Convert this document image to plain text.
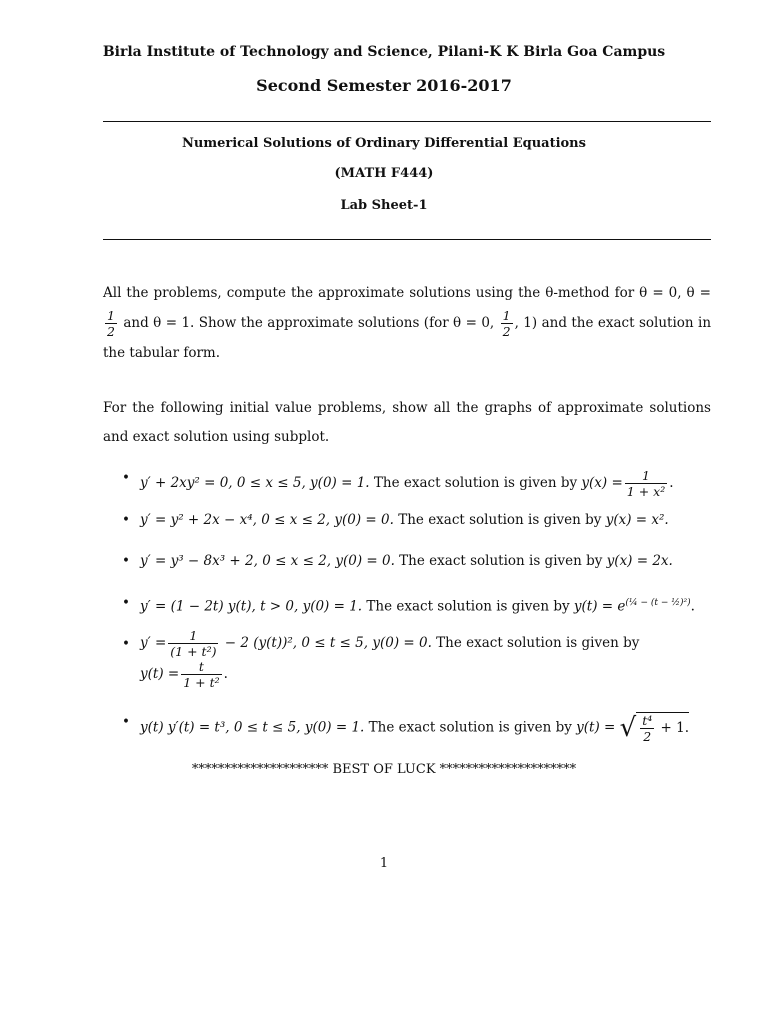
Birla Institute of Technology and Science, Pilani-K K Birla Goa Campus
Second Semester 2016-2017
Numerical Solutions of Ordinary Differential Equations
(MATH F444)
Lab Sheet-1
All the problems, compute the approximate solutions using the θ-method for θ = 0, θ =
$\frac{1}{2}$ and θ = 1. Show the approximate solutions (for θ = 0, $\frac{1}{2}$ , 1) and the exact solution in the tabular form.
For the following initial value problems, show all the graphs of approximate solutions and exact solution using subplot.
• y′ + 2xy² = 0, 0 ≤ x ≤ 5, y(0) = 1. The exact solution is given by $y(x) = \frac{1}{\text{1 + x²}}$ .
• y′ = y² + 2x − x⁴, 0 ≤ x ≤ 2, y(0) = 0. The exact solution is given by y(x) = x².
• y′ = y³ − 8x³ + 2, 0 ≤ x ≤ 2, y(0) = 0. The exact solution is given by y(x) = 2x.
• y′ = (1 − 2t) y(t), t > 0, y(0) = 1. The exact solution is given by $y(t) = e^{(\frac{1}{4} - (t - \frac{1}{2})^2)}$.
• $y' = \frac{1}{\text{(1 + t²)}} - 2$ (y(t))², 0 ≤ t ≤ 5, y(0) = 0. The exact solution is given by
$y(t) = \frac{t}{\text{1 + t²}}$ .
• y(t) y′(t) = t³, 0 ≤ t ≤ 5, y(0) = 1. The exact solution is given by y(t) = √ $\frac{\text{t⁴}}{2} + 1$.
********************* BEST OF LUCK *********************
1
